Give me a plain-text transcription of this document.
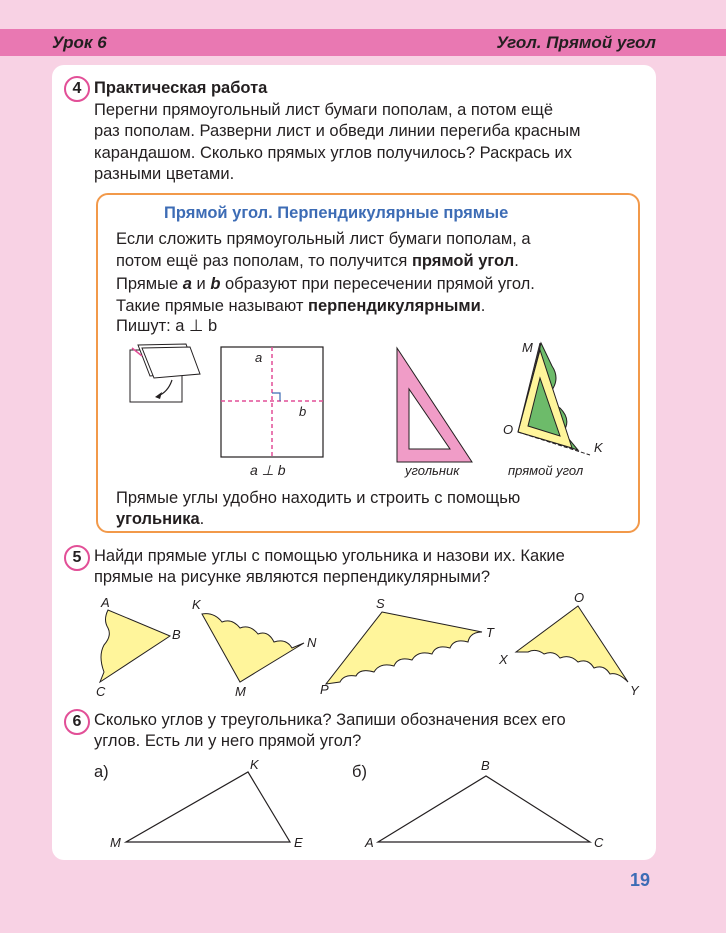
Урок 6	Угол. Прямой угол
4 Практическая работа
Перегни прямоугольный лист бумаги пополам, а потом ещё
раз пополам. Разверни лист и обведи линии перегиба красным
карандашом. Сколько прямых углов получилось? Раскрась их
разными цветами.
Прямой угол. Перпендикулярные прямые
Если сложить прямоугольный лист бумаги пополам, а
потом ещё раз пополам, то получится прямой угол.
Прямые a и b образуют при пересечении прямой угол.
Такие прямые называют перпендикулярными.
Пишут: a ⊥ b
a
b
a ⊥ b	угольник	прямой угол
M
O
K
Прямые углы удобно находить и строить с помощью
угольника.
5 Найди прямые углы с помощью угольника и назови их. Какие
прямые на рисунке являются перпендикулярными?
A
B
C
K
N
M
S
T
P
O
X
Y
6 Сколько углов у треугольника? Запиши обозначения всех его
углов. Есть ли у него прямой угол?
а)	б)
K
M	E
B
A	C
19
